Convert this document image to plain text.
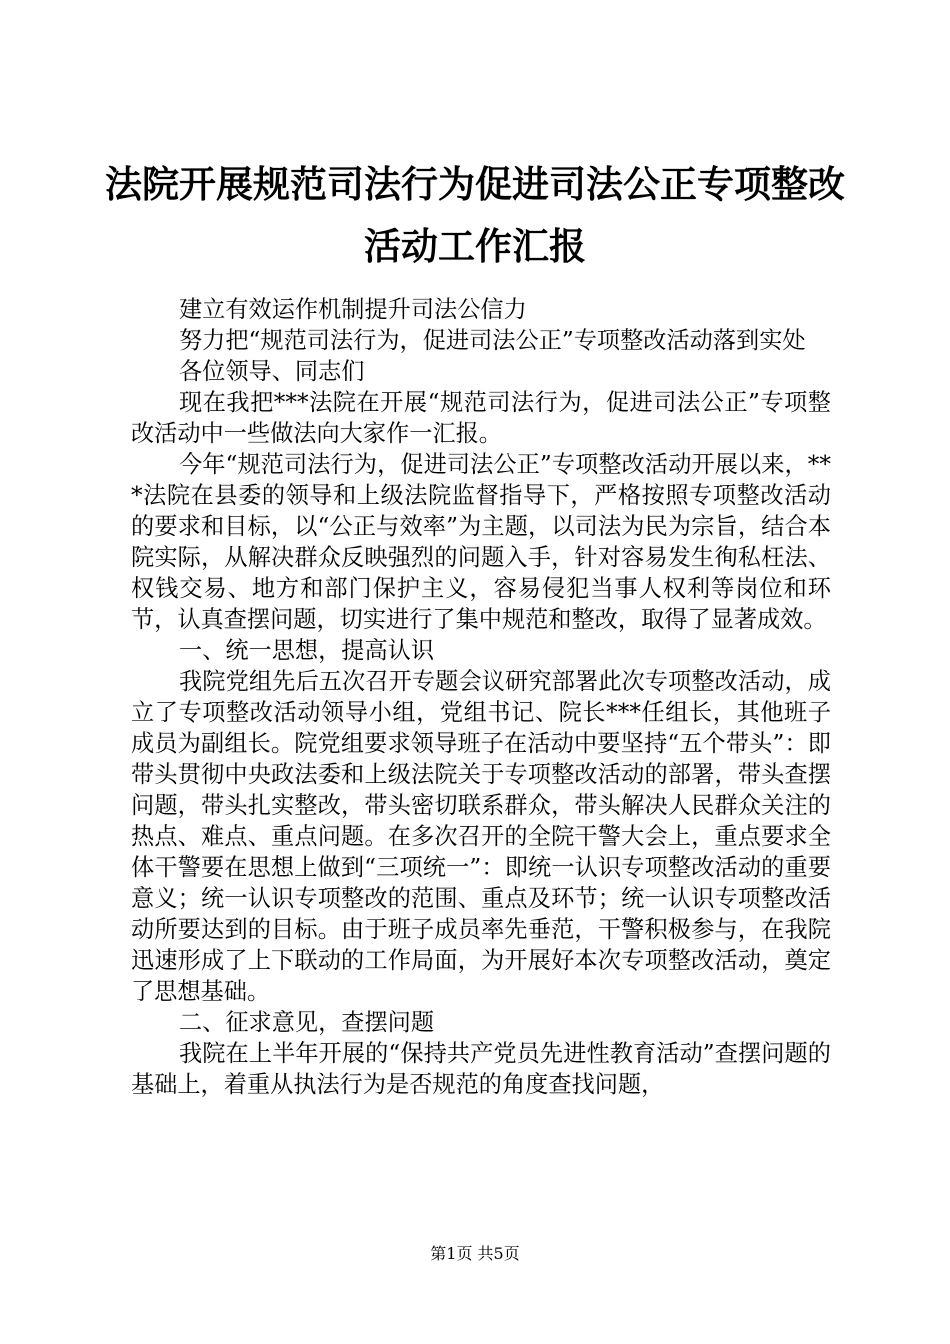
法院开展规范司法行为促进司法公正专项整改
活动工作汇报

建立有效运作机制提升司法公信力

努力把“规范司法行为，促进司法公正”专项整改活动落到实处

各位领导、同志们

现在我把***法院在开展“规范司法行为，促进司法公正”专项整改活动中一些做法向大家作一汇报。

今年“规范司法行为，促进司法公正”专项整改活动开展以来，***法院在县委的领导和上级法院监督指导下，严格按照专项整改活动的要求和目标，以“公正与效率”为主题，以司法为民为宗旨，结合本院实际，从解决群众反映强烈的问题入手，针对容易发生徇私枉法、权钱交易、地方和部门保护主义，容易侵犯当事人权利等岗位和环节，认真查摆问题，切实进行了集中规范和整改，取得了显著成效。

一、统一思想，提高认识

我院党组先后五次召开专题会议研究部署此次专项整改活动，成立了专项整改活动领导小组，党组书记、院长***任组长，其他班子成员为副组长。院党组要求领导班子在活动中要坚持“五个带头”：即带头贯彻中央政法委和上级法院关于专项整改活动的部署，带头查摆问题，带头扎实整改，带头密切联系群众，带头解决人民群众关注的热点、难点、重点问题。在多次召开的全院干警大会上，重点要求全体干警要在思想上做到“三项统一”：即统一认识专项整改活动的重要意义；统一认识专项整改的范围、重点及环节；统一认识专项整改活动所要达到的目标。由于班子成员率先垂范，干警积极参与，在我院迅速形成了上下联动的工作局面，为开展好本次专项整改活动，奠定了思想基础。

二、征求意见，查摆问题

我院在上半年开展的“保持共产党员先进性教育活动”查摆问题的基础上，着重从执法行为是否规范的角度查找问题，

第1页 共5页
